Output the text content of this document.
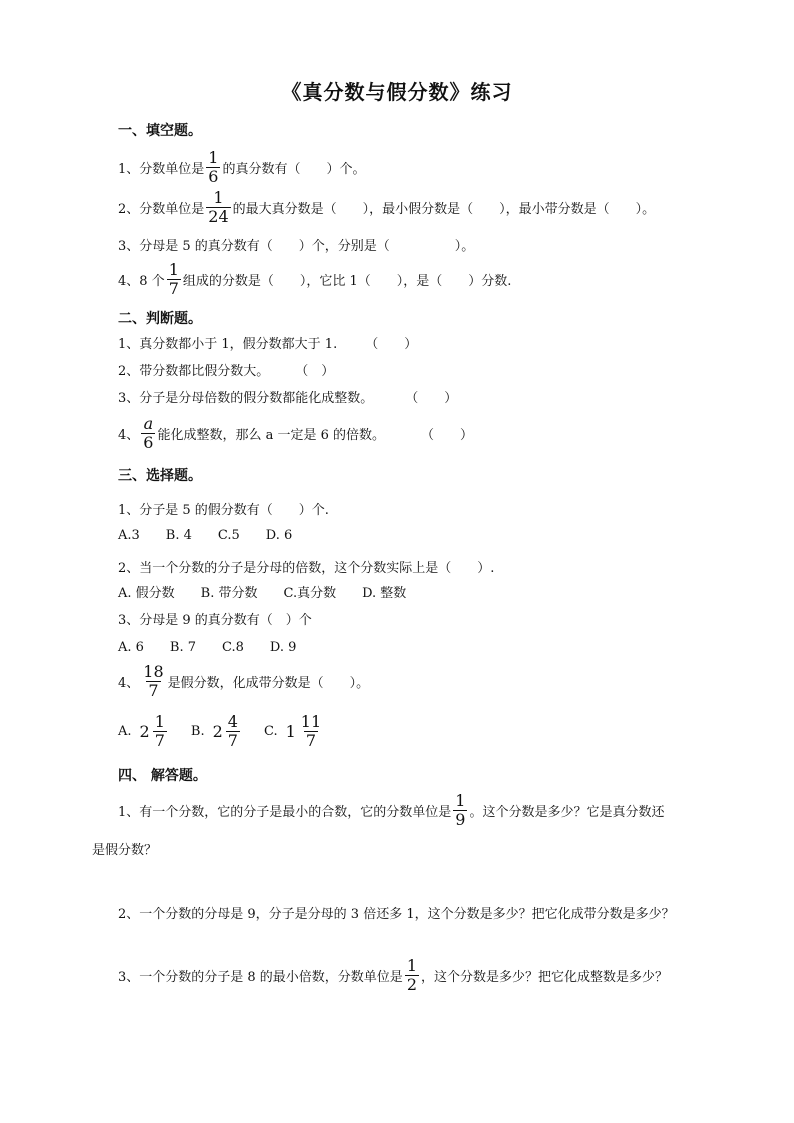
《真分数与假分数》练习
一、填空题。
1、分数单位是 $\frac{1}{6}$ 的真分数有（　　）个。
2、分数单位是 $\frac{1}{24}$ 的最大真分数是（　　），最小假分数是（　　），最小带分数是（　　）。
3、分母是 5 的真分数有（　　）个，分别是（　　　　　）。
4、8 个 $\frac{1}{7}$ 组成的分数是（　　），它比 1（　　），是（　　）分数.
二、判断题。
1、真分数都小于 1，假分数都大于 1. （　　）
2、带分数都比假分数大。 （　）
3、分子是分母倍数的假分数都能化成整数。 （　　）
4、 $\frac{a}{6}$ 能化成整数，那么 a 一定是 6 的倍数。	（　　）
三、选择题。
1、分子是 5 的假分数有（　　）个.
A.3　　B. 4　　C.5　　D. 6
2、当一个分数的分子是分母的倍数，这个分数实际上是（　　）.
A. 假分数　　B. 带分数　　C.真分数　　D. 整数
3、分母是 9 的真分数有（　）个
A. 6　　B. 7　　C.8　　D. 9
4、 $\frac{18}{7}$ 是假分数，化成带分数是（　　）。
A. $2 \frac{1}{7} B$. $2 \frac{4}{7} C$. $1 \frac{11}{7}$
四、 解答题。
1、有一个分数，它的分子是最小的合数，它的分数单位是 $\frac{1}{9}$ 。这个分数是多少？它是真分数还
是假分数？
2、一个分数的分母是 9，分子是分母的 3 倍还多 1，这个分数是多少？把它化成带分数是多少？
3、一个分数的分子是 8 的最小倍数，分数单位是 $\frac{1}{2}$ ，这个分数是多少？把它化成整数是多少？
